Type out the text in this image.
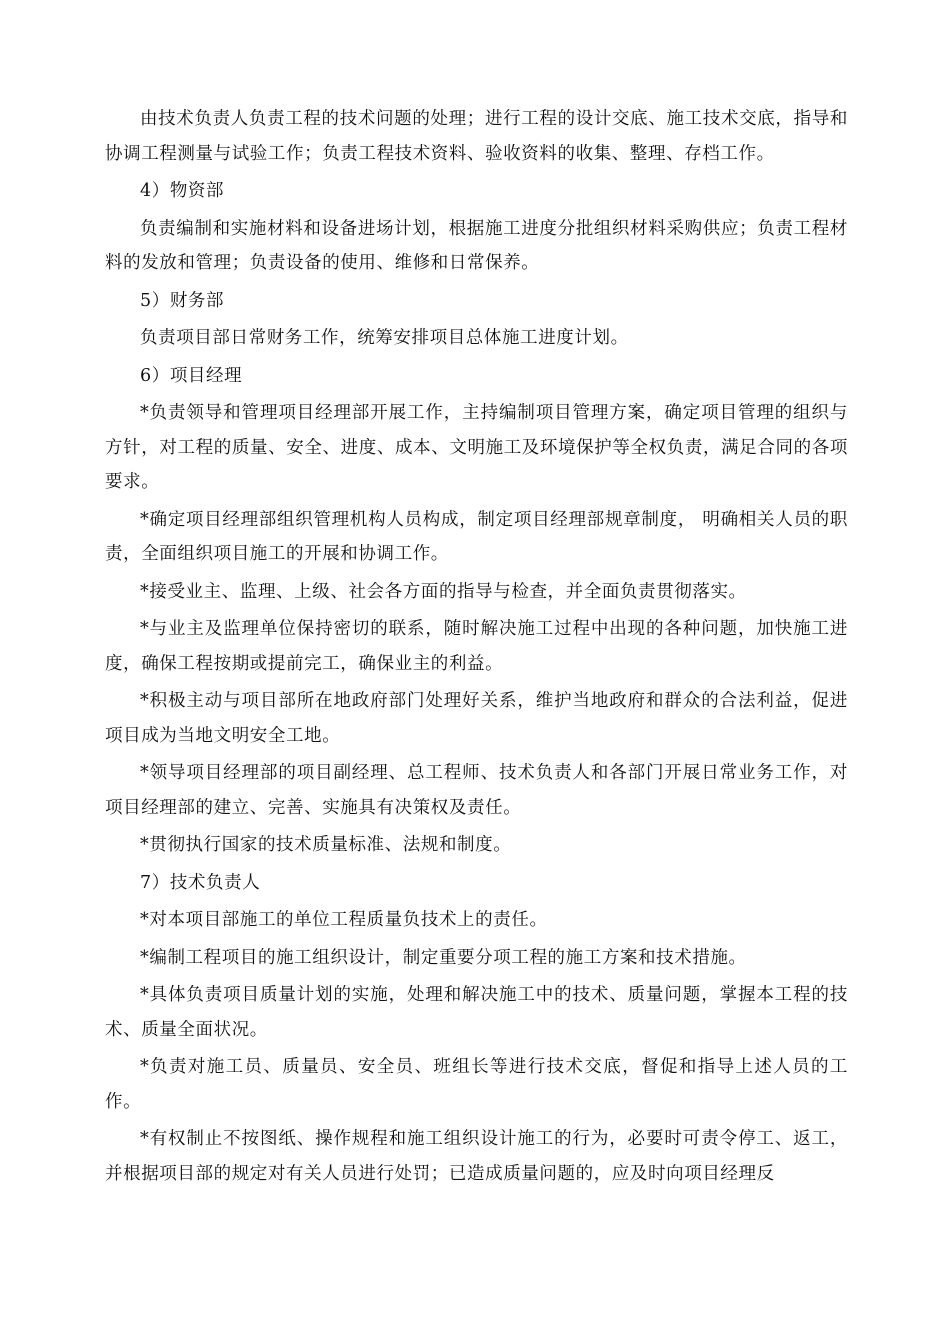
由技术负责人负责工程的技术问题的处理；进行工程的设计交底、施工技术交底，指导和协调工程测量与试验工作；负责工程技术资料、验收资料的收集、整理、存档工作。

4）物资部

负责编制和实施材料和设备进场计划，根据施工进度分批组织材料采购供应；负责工程材料的发放和管理；负责设备的使用、维修和日常保养。

5）财务部

负责项目部日常财务工作，统筹安排项目总体施工进度计划。

6）项目经理

*负责领导和管理项目经理部开展工作，主持编制项目管理方案，确定项目管理的组织与方针，对工程的质量、安全、进度、成本、文明施工及环境保护等全权负责，满足合同的各项要求。

*确定项目经理部组织管理机构人员构成，制定项目经理部规章制度， 明确相关人员的职责，全面组织项目施工的开展和协调工作。

*接受业主、监理、上级、社会各方面的指导与检查，并全面负责贯彻落实。

*与业主及监理单位保持密切的联系，随时解决施工过程中出现的各种问题，加快施工进度，确保工程按期或提前完工，确保业主的利益。

*积极主动与项目部所在地政府部门处理好关系，维护当地政府和群众的合法利益，促进项目成为当地文明安全工地。

*领导项目经理部的项目副经理、总工程师、技术负责人和各部门开展日常业务工作，对项目经理部的建立、完善、实施具有决策权及责任。

*贯彻执行国家的技术质量标准、法规和制度。

7）技术负责人

*对本项目部施工的单位工程质量负技术上的责任。

*编制工程项目的施工组织设计，制定重要分项工程的施工方案和技术措施。

*具体负责项目质量计划的实施，处理和解决施工中的技术、质量问题，掌握本工程的技术、质量全面状况。

*负责对施工员、质量员、安全员、班组长等进行技术交底，督促和指导上述人员的工作。

*有权制止不按图纸、操作规程和施工组织设计施工的行为，必要时可责令停工、返工，并根据项目部的规定对有关人员进行处罚；已造成质量问题的，应及时向项目经理反
